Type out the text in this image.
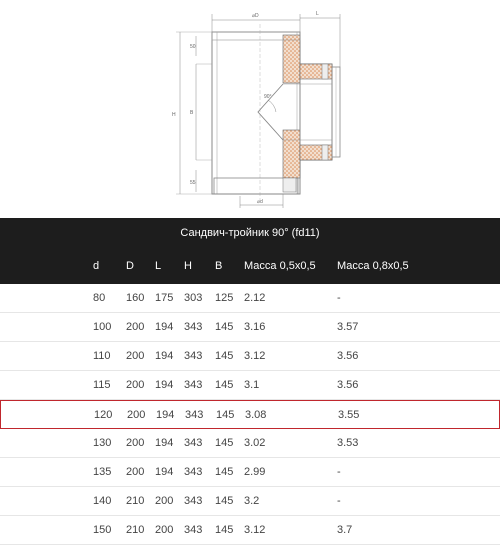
⌀D	L
H	B
50
55
90°
⌀d
Сандвич-тройник 90° (fd11)
d D L H B Масса 0,5х0,5 Масса 0,8х0,5
80 160 175 303 125 2.12	-
100 200 194 343 145 3.16	3.57
110 200 194 343 145 3.12	3.56
115 200 194 343 145 3.1	3.56
120 200 194 343 145 3.08	3.55
130 200 194 343 145 3.02	3.53
135 200 194 343 145 2.99	-
140 210 200 343 145 3.2	-
150 210 200 343 145 3.12	3.7
